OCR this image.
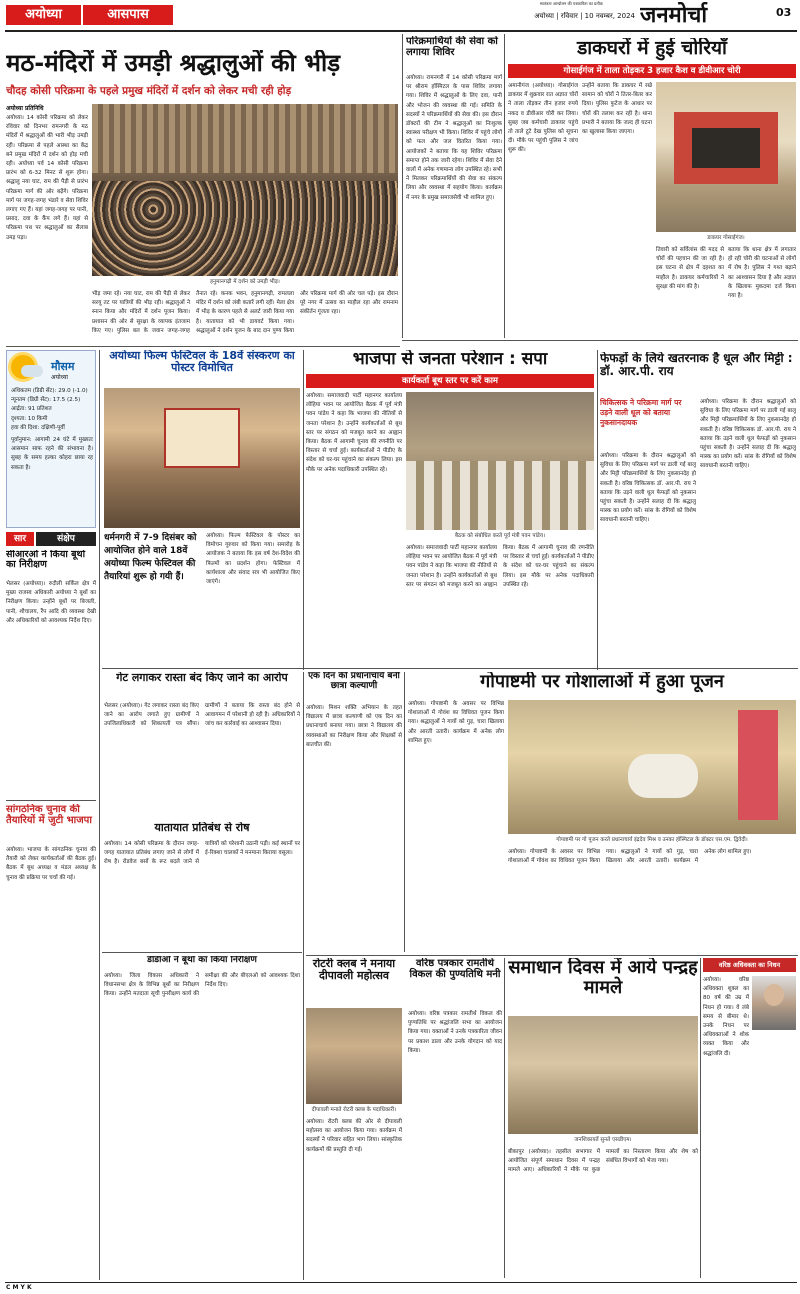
अयोध्या	आसपास	अयोध्या | रविवार | 10 नवम्बर, 2024 जनमोर्चा	03
स्वतंत्रता आन्दोलन की पत्रकारिता का प्रतीक
मठ-मंदिरों में उमड़ी श्रद्धालुओं की भीड़
चौदह कोसी परिक्रमा के पहले प्रमुख मंदिरों में दर्शन को लेकर मची रही होड़
अयोध्या प्रतिनिधि
अयोध्या। 14 कोसी परिक्रमा को लेकर रविवार को दिनभर रामनगरी के मठ मंदिरों में श्रद्धालुओं की भारी भीड़ उमड़ी रही। परिक्रमा से पहले आस्था का केंद्र बने प्रमुख मंदिरों में दर्शन को होड़ मची रही। अयोध्या पर्व 14 कोसी परिक्रमा प्रारंभ को 6-32 मिनट से शुरू होगा। श्रद्धालु नया घाट, राम की पैड़ी से प्रारंभ परिक्रमा मार्ग की ओर बढ़ेंगे। परिक्रमा मार्ग पर जगह-जगह भंडारे व सेवा शिविर लगाए गए हैं। यहां जगह-जगह पर पानी, प्रसाद, दवा के कैंप लगे हैं। यहां से परिक्रमा पथ पर श्रद्धालुओं का सैलाब उमड़ पड़ा।
हनुमानगढ़ी में दर्शन को उमड़ी भीड़।
भीड़ जमा रहे। नया घाट, राम की पैड़ी से लेकर सरयू तट पर यात्रियों की भीड़ रही। श्रद्धालुओं ने स्नान किया और मंदिरों में दर्शन पूजन किया। प्रशासन की ओर से सुरक्षा के व्यापक इंतजाम किए गए। पुलिस बल के जवान जगह-जगह तैनात रहे। कनक भवन, हनुमानगढ़ी, रामलला मंदिर में दर्शन को लंबी कतारें लगी रहीं। मेला क्षेत्र में भीड़ के कारण पहले से अलर्ट जारी किया गया है। यातायात को भी डायवर्ट किया गया। श्रद्धालुओं ने दर्शन पूजन के बाद दान पुण्य किया और परिक्रमा मार्ग की ओर चल पड़े। इस दौरान पूरे नगर में उत्सव का माहौल रहा और रामनाम संकीर्तन गूंजता रहा।
परिक्रमार्थियों की सेवा को लगाया शिविर
अयोध्या। रामनगरी में 14 कोसी परिक्रमा मार्ग पर श्रीराम हॉस्पिटल के पास शिविर लगाया गया। शिविर में श्रद्धालुओं के लिए दवा, पानी और भोजन की व्यवस्था की गई। समिति के सदस्यों ने परिक्रमार्थियों की सेवा की। इस दौरान डॉक्टरों की टीम ने श्रद्धालुओं का निःशुल्क स्वास्थ्य परीक्षण भी किया। शिविर में पहुंचे लोगों को फल और जल वितरित किया गया। आयोजकों ने बताया कि यह शिविर परिक्रमा समाप्त होने तक जारी रहेगा। शिविर में सेवा देने वालों में अनेक गणमान्य लोग उपस्थित रहे। सभी ने मिलकर परिक्रमार्थियों की सेवा का संकल्प लिया और व्यवस्था में सहयोग किया। कार्यक्रम में नगर के प्रमुख समाजसेवी भी शामिल हुए।
डाकघरों में हुई चोरियाँ
गोसाईगंज में ताला तोड़कर 3 हजार कैश व डीवीआर चोरी
अमानीगंज (अयोध्या)। गोसाईगंज डाकघर में शुक्रवार रात अज्ञात चोरों ने ताला तोड़कर तीन हजार रुपये नकद व डीवीआर चोरी कर लिया। सुबह जब कर्मचारी डाकघर पहुंचे तो ताले टूटे देख पुलिस को सूचना दी। मौके पर पहुंची पुलिस ने जांच शुरू की।
उन्होंने बताया कि डाकघर में रखे सामान को चोरों ने तितर-बितर कर दिया। पुलिस फुटेज के आधार पर चोरों की तलाश कर रही है। थाना प्रभारी ने बताया कि जल्द ही घटना का खुलासा किया जाएगा।
डाकघर गोसाईगंज।
तिवारी को सर्विलांस की मदद से चोरों की पहचान की जा रही है। इस घटना से क्षेत्र में दहशत का माहौल है। डाकघर कर्मचारियों ने सुरक्षा की मांग की है।
बताया कि थाना क्षेत्र में लगातार हो रही चोरी की घटनाओं से लोगों में रोष है। पुलिस ने गश्त बढ़ाने का आश्वासन दिया है और अज्ञात के खिलाफ मुकदमा दर्ज किया गया है।
मौसम
अयोध्या
अधिकतम (डिग्री सेंट): 29.0 (-1.0)
न्यूनतम (डिग्री सेंट): 17.5 (2.5)
आर्द्रता: 91 प्रतिशत
दृश्यता: 10 किमी
हवा की दिशा: दक्षिणी-पूर्वी
पूर्वानुमान: आगामी 24 घंटे में मुख्यतः आसमान साफ रहने की संभावना है। सुबह के समय हल्का कोहरा छाया रह सकता है।
सार	संक्षेप
सीआरओ ने किया बूथों का निरीक्षण
भेलसर (अयोध्या)। रुदौली सर्किल क्षेत्र में मुख्य राजस्व अधिकारी अयोध्या ने बूथों का निरीक्षण किया। उन्होंने बूथों पर बिजली, पानी, शौचालय, रैंप आदि की व्यवस्था देखी और अधिकारियों को आवश्यक निर्देश दिए।
सांगठनिक चुनाव की तैयारियों में जुटी भाजपा
अयोध्या। भाजपा के सांगठनिक चुनाव की तैयारी को लेकर कार्यकर्ताओं की बैठक हुई। बैठक में बूथ अध्यक्ष व मंडल अध्यक्ष के चुनाव की प्रक्रिया पर चर्चा की गई।
अयोध्या फिल्म फेस्टिवल के 18वें संस्करण का पोस्टर विमोचित
धर्मनगरी में 7-9 दिसंबर को आयोजित होने वाले 18वें अयोध्या फिल्म फेस्टिवल की तैयारियां शुरू हो गयी हैं।
अयोध्या। फिल्म फेस्टिवल के पोस्टर का विमोचन गुरुवार को किया गया। समारोह के आयोजक ने बताया कि इस वर्ष देश-विदेश की फिल्मों का प्रदर्शन होगा। फेस्टिवल में कार्यशाला और संवाद सत्र भी आयोजित किए जाएंगे।
भाजपा से जनता परेशान : सपा
कार्यकर्ता बूथ स्तर पर करें काम
अयोध्या। समाजवादी पार्टी महानगर कार्यालय लोहिया भवन पर आयोजित बैठक में पूर्व मंत्री पवन पांडेय ने कहा कि भाजपा की नीतियों से जनता परेशान है। उन्होंने कार्यकर्ताओं से बूथ स्तर पर संगठन को मजबूत करने का आह्वान किया। बैठक में आगामी चुनाव की रणनीति पर विस्तार से चर्चा हुई। कार्यकर्ताओं ने पीडीए के संदेश को घर-घर पहुंचाने का संकल्प लिया। इस मौके पर अनेक पदाधिकारी उपस्थित रहे।
बैठक को संबोधित करते पूर्व मंत्री पवन पांडेय।
अयोध्या। समाजवादी पार्टी महानगर कार्यालय लोहिया भवन पर आयोजित बैठक में पूर्व मंत्री पवन पांडेय ने कहा कि भाजपा की नीतियों से जनता परेशान है। उन्होंने कार्यकर्ताओं से बूथ स्तर पर संगठन को मजबूत करने का आह्वान किया। बैठक में आगामी चुनाव की रणनीति पर विस्तार से चर्चा हुई। कार्यकर्ताओं ने पीडीए के संदेश को घर-घर पहुंचाने का संकल्प लिया। इस मौके पर अनेक पदाधिकारी उपस्थित रहे।
फेफड़ों के लिये खतरनाक है धूल और मिट्टी : डॉ. आर.पी. राय
चिकित्सक ने परिक्रमा मार्ग पर उड़ने वाली धूल को बताया नुकसानदायक
अयोध्या। परिक्रमा के दौरान श्रद्धालुओं को सुविधा के लिए परिक्रमा मार्ग पर डाली गई बालू और मिट्टी परिक्रमार्थियों के लिए नुकसानदेह हो सकती है। वरिष्ठ चिकित्सक डॉ. आर.पी. राय ने बताया कि उड़ने वाली धूल फेफड़ों को नुकसान पहुंचा सकती है। उन्होंने सलाह दी कि श्रद्धालु मास्क का प्रयोग करें। सांस के रोगियों को विशेष सावधानी बरतनी चाहिए।
अयोध्या। परिक्रमा के दौरान श्रद्धालुओं को सुविधा के लिए परिक्रमा मार्ग पर डाली गई बालू और मिट्टी परिक्रमार्थियों के लिए नुकसानदेह हो सकती है। वरिष्ठ चिकित्सक डॉ. आर.पी. राय ने बताया कि उड़ने वाली धूल फेफड़ों को नुकसान पहुंचा सकती है। उन्होंने सलाह दी कि श्रद्धालु मास्क का प्रयोग करें। सांस के रोगियों को विशेष सावधानी बरतनी चाहिए।
गेट लगाकर रास्ता बंद किए जाने का आरोप
भेलसर (अयोध्या)। गेट लगाकर रास्ता बंद किए जाने का आरोप लगाते हुए ग्रामीणों ने उपजिलाधिकारी को शिकायती पत्र सौंपा। ग्रामीणों ने बताया कि रास्ता बंद होने से आवागमन में परेशानी हो रही है। अधिकारियों ने जांच कर कार्रवाई का आश्वासन दिया।
यातायात प्रतिबंध से रोष
अयोध्या। 14 कोसी परिक्रमा के दौरान जगह-जगह यातायात प्रतिबंध लगाए जाने से लोगों में रोष है। रोडवेज बसों के रूट बदले जाने से यात्रियों को परेशानी उठानी पड़ी। कई स्थानों पर ई-रिक्शा चालकों ने मनमाना किराया वसूला।
डीडीओ ने बूथों का किया निरीक्षण
अयोध्या। जिला विकास अधिकारी ने विधानसभा क्षेत्र के विभिन्न बूथों का निरीक्षण किया। उन्होंने मतदाता सूची पुनरीक्षण कार्य की समीक्षा की और बीएलओ को आवश्यक दिशा निर्देश दिए।
एक दिन की प्रधानाचार्य बनी छात्रा कल्याणी
अयोध्या। मिशन शक्ति अभियान के तहत विद्यालय में छात्रा कल्याणी को एक दिन का प्रधानाचार्य बनाया गया। छात्रा ने विद्यालय की व्यवस्थाओं का निरीक्षण किया और शिक्षकों से बातचीत की।
गोपाष्टमी पर गोशालाओं में हुआ पूजन
अयोध्या। गोपाष्टमी के अवसर पर विभिन्न गोशालाओं में गोवंश का विधिवत पूजन किया गया। श्रद्धालुओं ने गायों को गुड़, चारा खिलाया और आरती उतारी। कार्यक्रम में अनेक लोग शामिल हुए।
गोपाष्टमी पर गो पूजन करते प्रधानाचार्य इंद्रदेव मिश्र व उनका हॉस्पिटल के डॉक्टर एस.एम. द्विवेदी।
अयोध्या। गोपाष्टमी के अवसर पर विभिन्न गोशालाओं में गोवंश का विधिवत पूजन किया गया। श्रद्धालुओं ने गायों को गुड़, चारा खिलाया और आरती उतारी। कार्यक्रम में अनेक लोग शामिल हुए।
रोटरी क्लब ने मनाया दीपावली महोत्सव
दीपावली मनाते रोटरी क्लब के पदाधिकारी।
अयोध्या। रोटरी क्लब की ओर से दीपावली महोत्सव का आयोजन किया गया। कार्यक्रम में सदस्यों ने परिवार सहित भाग लिया। सांस्कृतिक कार्यक्रमों की प्रस्तुति दी गई।
समाधान दिवस में आये पन्द्रह मामले
जनशिकायतें सुनते एसडीएम।
बीकापुर (अयोध्या)। तहसील सभागार में आयोजित संपूर्ण समाधान दिवस में पन्द्रह मामले आए। अधिकारियों ने मौके पर कुछ मामलों का निस्तारण किया और शेष को संबंधित विभागों को भेजा गया।
वरिष्ठ अधिवक्ता का निधन
अयोध्या। वरिष्ठ अधिवक्ता शुक्ल का 80 वर्ष की उम्र में निधन हो गया। वे लंबे समय से बीमार थे। उनके निधन पर अधिवक्ताओं ने शोक व्यक्त किया और श्रद्धांजलि दी।
C M Y K
वरिष्ठ पत्रकार रामतीर्थ विकल की पुण्यतिथि मनी
अयोध्या। वरिष्ठ पत्रकार रामतीर्थ विकल की पुण्यतिथि पर श्रद्धांजलि सभा का आयोजन किया गया। वक्ताओं ने उनके पत्रकारिता जीवन पर प्रकाश डाला और उनके योगदान को याद किया।
